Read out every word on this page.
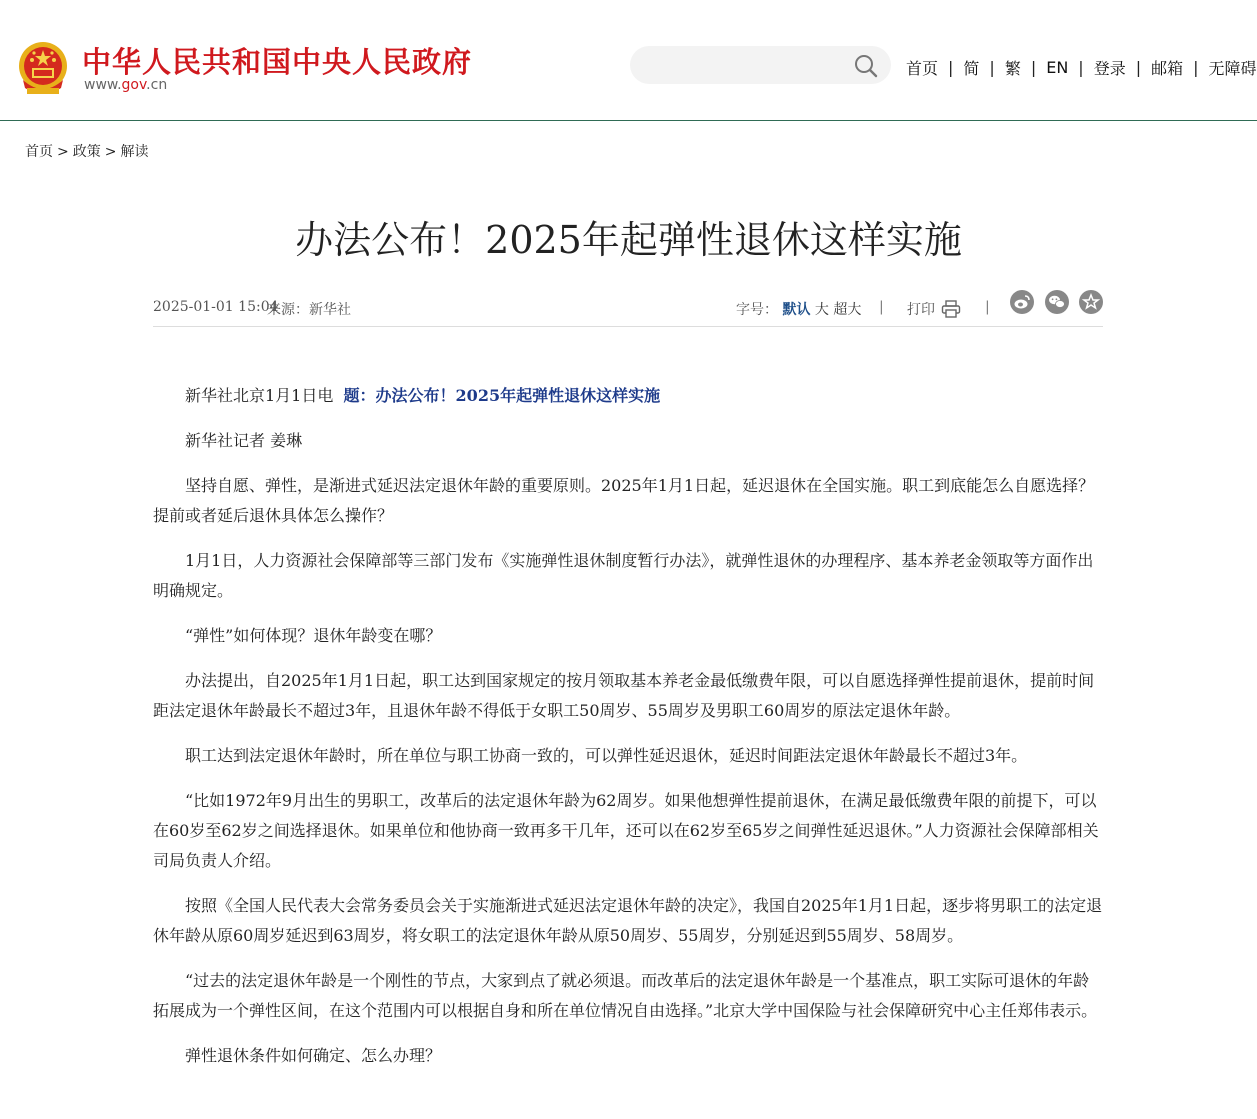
中华人民共和国中央人民政府
www.gov.cn
首页 | 简 | 繁 | EN | 登录 | 邮箱 | 无障碍
首页 > 政策 > 解读
办法公布！2025年起弹性退休这样实施
2025-01-01 15:04
来源：新华社	字号： 默认 大 超大 | 打印	|

新华社北京1月1日电 题：办法公布！2025年起弹性退休这样实施

新华社记者 姜琳

坚持自愿、弹性，是渐进式延迟法定退休年龄的重要原则。2025年1月1日起，延迟退休在全国实施。职工到底能怎么自愿选择？提前或者延后退休具体怎么操作？

1月1日，人力资源社会保障部等三部门发布《实施弹性退休制度暂行办法》，就弹性退休的办理程序、基本养老金领取等方面作出明确规定。

“弹性”如何体现？退休年龄变在哪？

办法提出，自2025年1月1日起，职工达到国家规定的按月领取基本养老金最低缴费年限，可以自愿选择弹性提前退休，提前时间距法定退休年龄最长不超过3年，且退休年龄不得低于女职工50周岁、55周岁及男职工60周岁的原法定退休年龄。

职工达到法定退休年龄时，所在单位与职工协商一致的，可以弹性延迟退休，延迟时间距法定退休年龄最长不超过3年。

“比如1972年9月出生的男职工，改革后的法定退休年龄为62周岁。如果他想弹性提前退休，在满足最低缴费年限的前提下，可以在60岁至62岁之间选择退休。如果单位和他协商一致再多干几年，还可以在62岁至65岁之间弹性延迟退休。”人力资源社会保障部相关司局负责人介绍。

按照《全国人民代表大会常务委员会关于实施渐进式延迟法定退休年龄的决定》，我国自2025年1月1日起，逐步将男职工的法定退休年龄从原60周岁延迟到63周岁，将女职工的法定退休年龄从原50周岁、55周岁，分别延迟到55周岁、58周岁。

“过去的法定退休年龄是一个刚性的节点，大家到点了就必须退。而改革后的法定退休年龄是一个基准点，职工实际可退休的年龄拓展成为一个弹性区间，在这个范围内可以根据自身和所在单位情况自由选择。”北京大学中国保险与社会保障研究中心主任郑伟表示。

弹性退休条件如何确定、怎么办理？
